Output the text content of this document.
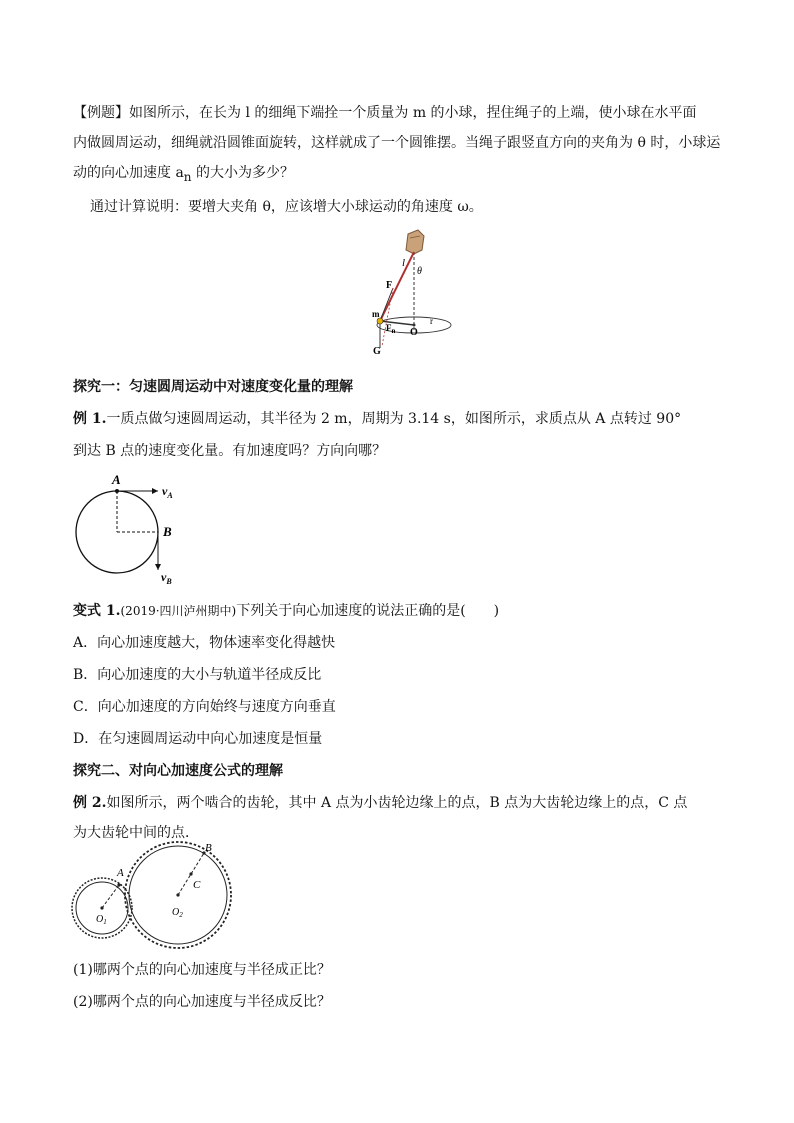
【例题】如图所示，在长为 l 的细绳下端拴一个质量为 m 的小球，捏住绳子的上端，使小球在水平面
内做圆周运动，细绳就沿圆锥面旋转，这样就成了一个圆锥摆。当绳子跟竖直方向的夹角为 θ 时，小球运
动的向心加速度 $a_n$ 的大小为多少？
通过计算说明：要增大夹角 θ，应该增大小球运动的角速度 ω。
l
θ
F
m
$F_n$ O
r
G
探究一：匀速圆周运动中对速度变化量的理解
例 1.一质点做匀速圆周运动，其半径为 2 m，周期为 3.14 s，如图所示，求质点从 A 点转过 90°
到达 B 点的速度变化量。有加速度吗？方向向哪？
A
$v_A$
B
$v_B$
变式 1.(2019·四川泸州期中)下列关于向心加速度的说法正确的是(　　)
A．向心加速度越大，物体速率变化得越快
B．向心加速度的大小与轨道半径成反比
C．向心加速度的方向始终与速度方向垂直
D．在匀速圆周运动中向心加速度是恒量
探究二、对向心加速度公式的理解
例 2.如图所示，两个啮合的齿轮，其中 A 点为小齿轮边缘上的点，B 点为大齿轮边缘上的点，C 点
为大齿轮中间的点．
A
B
C
$O_1$
$O_2$
(1)哪两个点的向心加速度与半径成正比？
(2)哪两个点的向心加速度与半径成反比？
